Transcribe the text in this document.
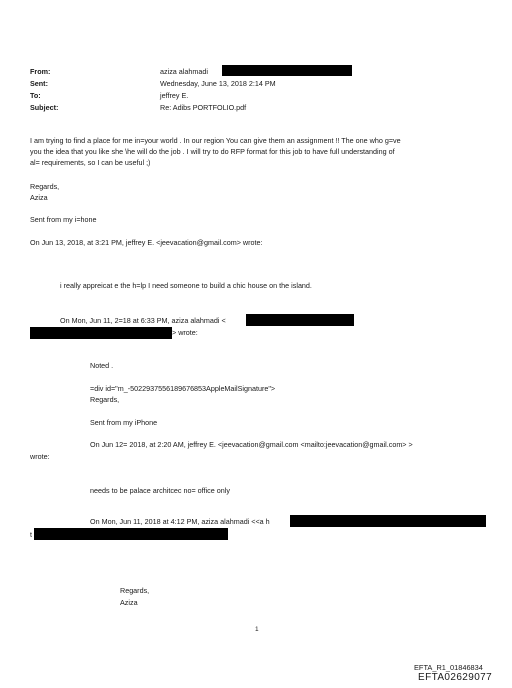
From:	aziza alahmadi
Sent:	Wednesday, June 13, 2018 2:14 PM
To:	jeffrey E.
Subject:	Re: Adibs PORTFOLIO.pdf
I am trying to find a place for me in=your world . In our region You can give them an assignment !! The one who g=ve
you the idea that you like she \he will do the job . I will try to do RFP format for this job to have full understanding of
al= requirements, so I can be useful ;)
Regards,
Aziza
Sent from my i=hone
On Jun 13, 2018, at 3:21 PM, jeffrey E. <jeevacation@gmail.com> wrote:
i really appreicat e the h=lp I need someone to build a chic house on the island.
On Mon, Jun 11, 2=18 at 6:33 PM, aziza alahmadi <
> wrote:
Noted .
=div id="m_-5022937556189676853AppleMailSignature">
Regards,
Sent from my iPhone
On Jun 12= 2018, at 2:20 AM, jeffrey E. <jeevacation@gmail.com <mailto:jeevacation@gmail.com> >
wrote:
needs to be palace architcec no= office only
On Mon, Jun 11, 2018 at 4:12 PM, aziza alahmadi <<a h
t
Regards,
Aziza
1
EFTA_R1_01846834
EFTA02629077
